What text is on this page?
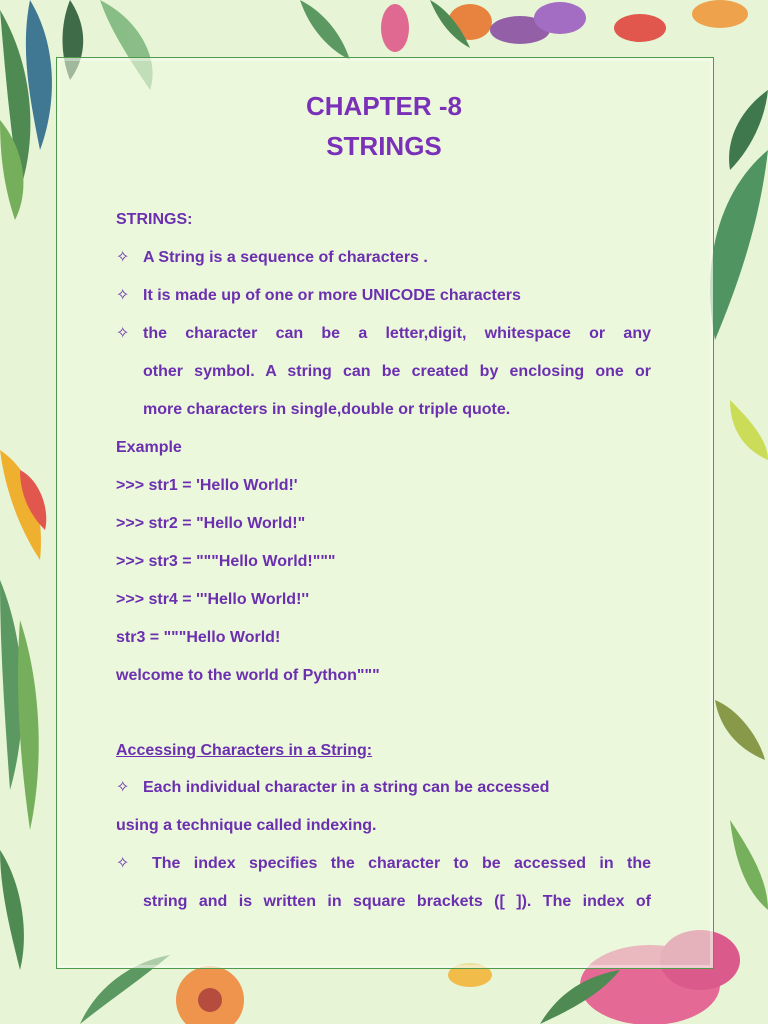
CHAPTER -8
STRINGS
STRINGS:
✧ A String is a sequence of characters .
✧ It is made up of one or more UNICODE characters
✧ the character can be a letter,digit, whitespace or any
other symbol. A string can be created by enclosing one or
more characters in single,double or triple quote.
Example
>>> str1 = 'Hello World!'
>>> str2 = "Hello World!"
>>> str3 = """Hello World!"""
>>> str4 = '''Hello World!''
str3 = """Hello World!
welcome to the world of Python"""
Accessing Characters in a String:
✧ Each individual character in a string can be accessed
using a technique called indexing.
✧ The index specifies the character to be accessed in the
string and is written in square brackets ([ ]). The index of
